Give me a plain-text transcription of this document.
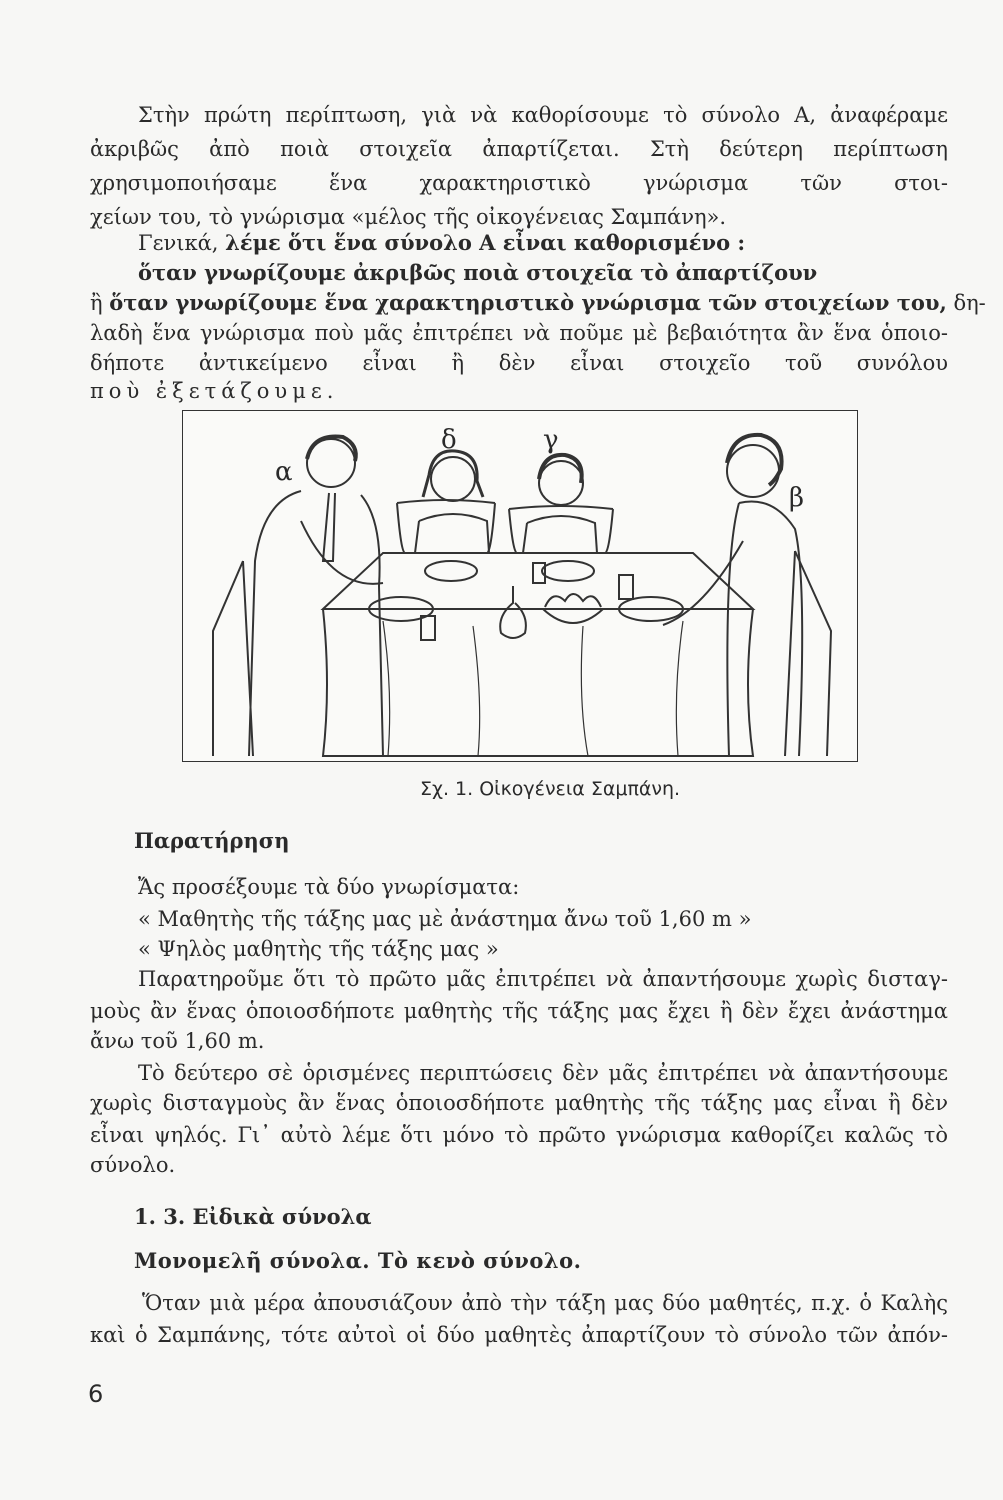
Στὴν πρώτη περίπτωση, γιὰ νὰ καθορίσουμε τὸ σύνολο Α, ἀναφέραμε
ἀκριβῶς ἀπὸ ποιὰ στοιχεῖα ἀπαρτίζεται. Στὴ δεύτερη περίπτωση
χρησιμοποιήσαμε ἕνα χαρακτηριστικὸ γνώρισμα τῶν στοι-
χείων του, τὸ γνώρισμα «μέλος τῆς οἰκογένειας Σαμπάνη».
Γενικά, λέμε ὅτι ἕνα σύνολο Α εἶναι καθορισμένο :
ὅταν γνωρίζουμε ἀκριβῶς ποιὰ στοιχεῖα τὸ ἀπαρτίζουν
ἢ ὅταν γνωρίζουμε ἕνα χαρακτηριστικὸ γνώρισμα τῶν στοιχείων του, δη-
λαδὴ ἕνα γνώρισμα ποὺ μᾶς ἐπιτρέπει νὰ ποῦμε μὲ βεβαιότητα ἂν ἕνα ὁποιο-
δήποτε ἀντικείμενο εἶναι ἢ δὲν εἶναι στοιχεῖο τοῦ συνόλου
ποὺ ἐξετάζουμε.
α
δ	γ
β
Σχ. 1. Οἰκογένεια Σαμπάνη.
Παρατήρηση
Ἄς προσέξουμε τὰ δύο γνωρίσματα:
« Μαθητὴς τῆς τάξης μας μὲ ἀνάστημα ἄνω τοῦ 1,60 m »
« Ψηλὸς μαθητὴς τῆς τάξης μας »
Παρατηροῦμε ὅτι τὸ πρῶτο μᾶς ἐπιτρέπει νὰ ἀπαντήσουμε χωρὶς δισταγ-
μοὺς ἂν ἕνας ὁποιοσδήποτε μαθητὴς τῆς τάξης μας ἔχει ἢ δὲν ἔχει ἀνάστημα
ἄνω τοῦ 1,60 m.
Τὸ δεύτερο σὲ ὁρισμένες περιπτώσεις δὲν μᾶς ἐπιτρέπει νὰ ἀπαντήσουμε
χωρὶς δισταγμοὺς ἂν ἕνας ὁποιοσδήποτε μαθητὴς τῆς τάξης μας εἶναι ἢ δὲν
εἶναι ψηλός. Γι᾿ αὐτὸ λέμε ὅτι μόνο τὸ πρῶτο γνώρισμα καθορίζει καλῶς τὸ
σύνολο.
1. 3. Εἰδικὰ σύνολα
Μονομελῆ σύνολα. Τὸ κενὸ σύνολο.
Ὅταν μιὰ μέρα ἀπουσιάζουν ἀπὸ τὴν τάξη μας δύο μαθητές, π.χ. ὁ Καλὴς
καὶ ὁ Σαμπάνης, τότε αὐτοὶ οἱ δύο μαθητὲς ἀπαρτίζουν τὸ σύνολο τῶν ἀπόν-
6
